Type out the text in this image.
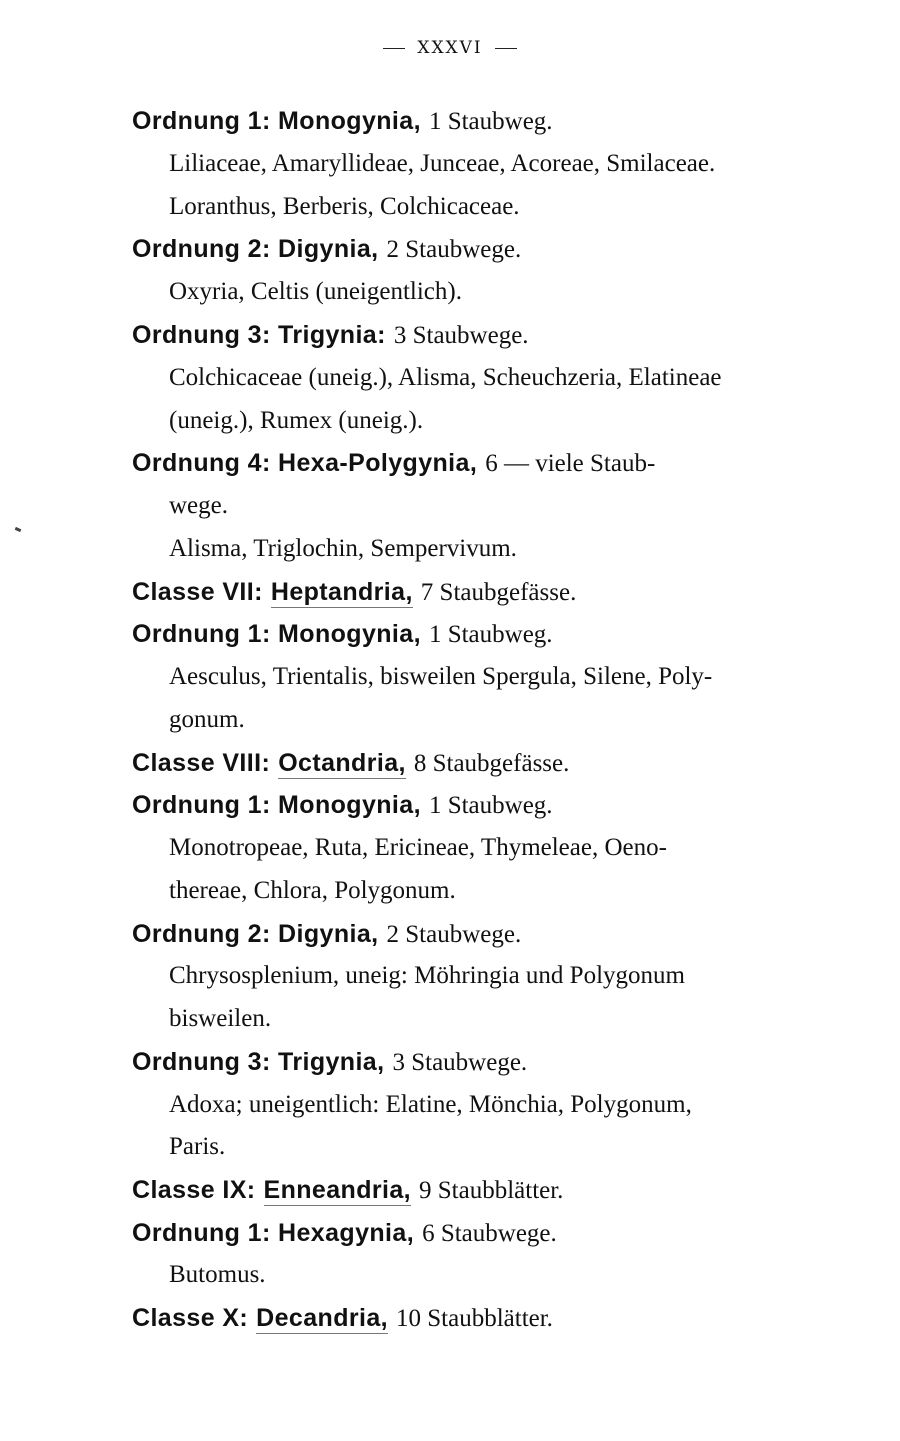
XXXVI
Ordnung 1: Monogynia, 1 Staubweg.
Liliaceae, Amaryllideae, Junceae, Acoreae, Smilaceae.
Loranthus, Berberis, Colchicaceae.
Ordnung 2: Digynia, 2 Staubwege.
Oxyria, Celtis (uneigentlich).
Ordnung 3: Trigynia: 3 Staubwege.
Colchicaceae (uneig.), Alisma, Scheuchzeria, Elatineae
(uneig.), Rumex (uneig.).
Ordnung 4: Hexa-Polygynia, 6 — viele Staub-
wege.
Alisma, Triglochin, Sempervivum.
Classe VII: Heptandria, 7 Staubgefässe.
Ordnung 1: Monogynia, 1 Staubweg.
Aesculus, Trientalis, bisweilen Spergula, Silene, Poly-
gonum.
Classe VIII: Octandria, 8 Staubgefässe.
Ordnung 1: Monogynia, 1 Staubweg.
Monotropeae, Ruta, Ericineae, Thymeleae, Oeno-
thereae, Chlora, Polygonum.
Ordnung 2: Digynia, 2 Staubwege.
Chrysosplenium, uneig: Möhringia und Polygonum
bisweilen.
Ordnung 3: Trigynia, 3 Staubwege.
Adoxa; uneigentlich: Elatine, Mönchia, Polygonum,
Paris.
Classe IX: Enneandria, 9 Staubblätter.
Ordnung 1: Hexagynia, 6 Staubwege.
Butomus.
Classe X: Decandria, 10 Staubblätter.
